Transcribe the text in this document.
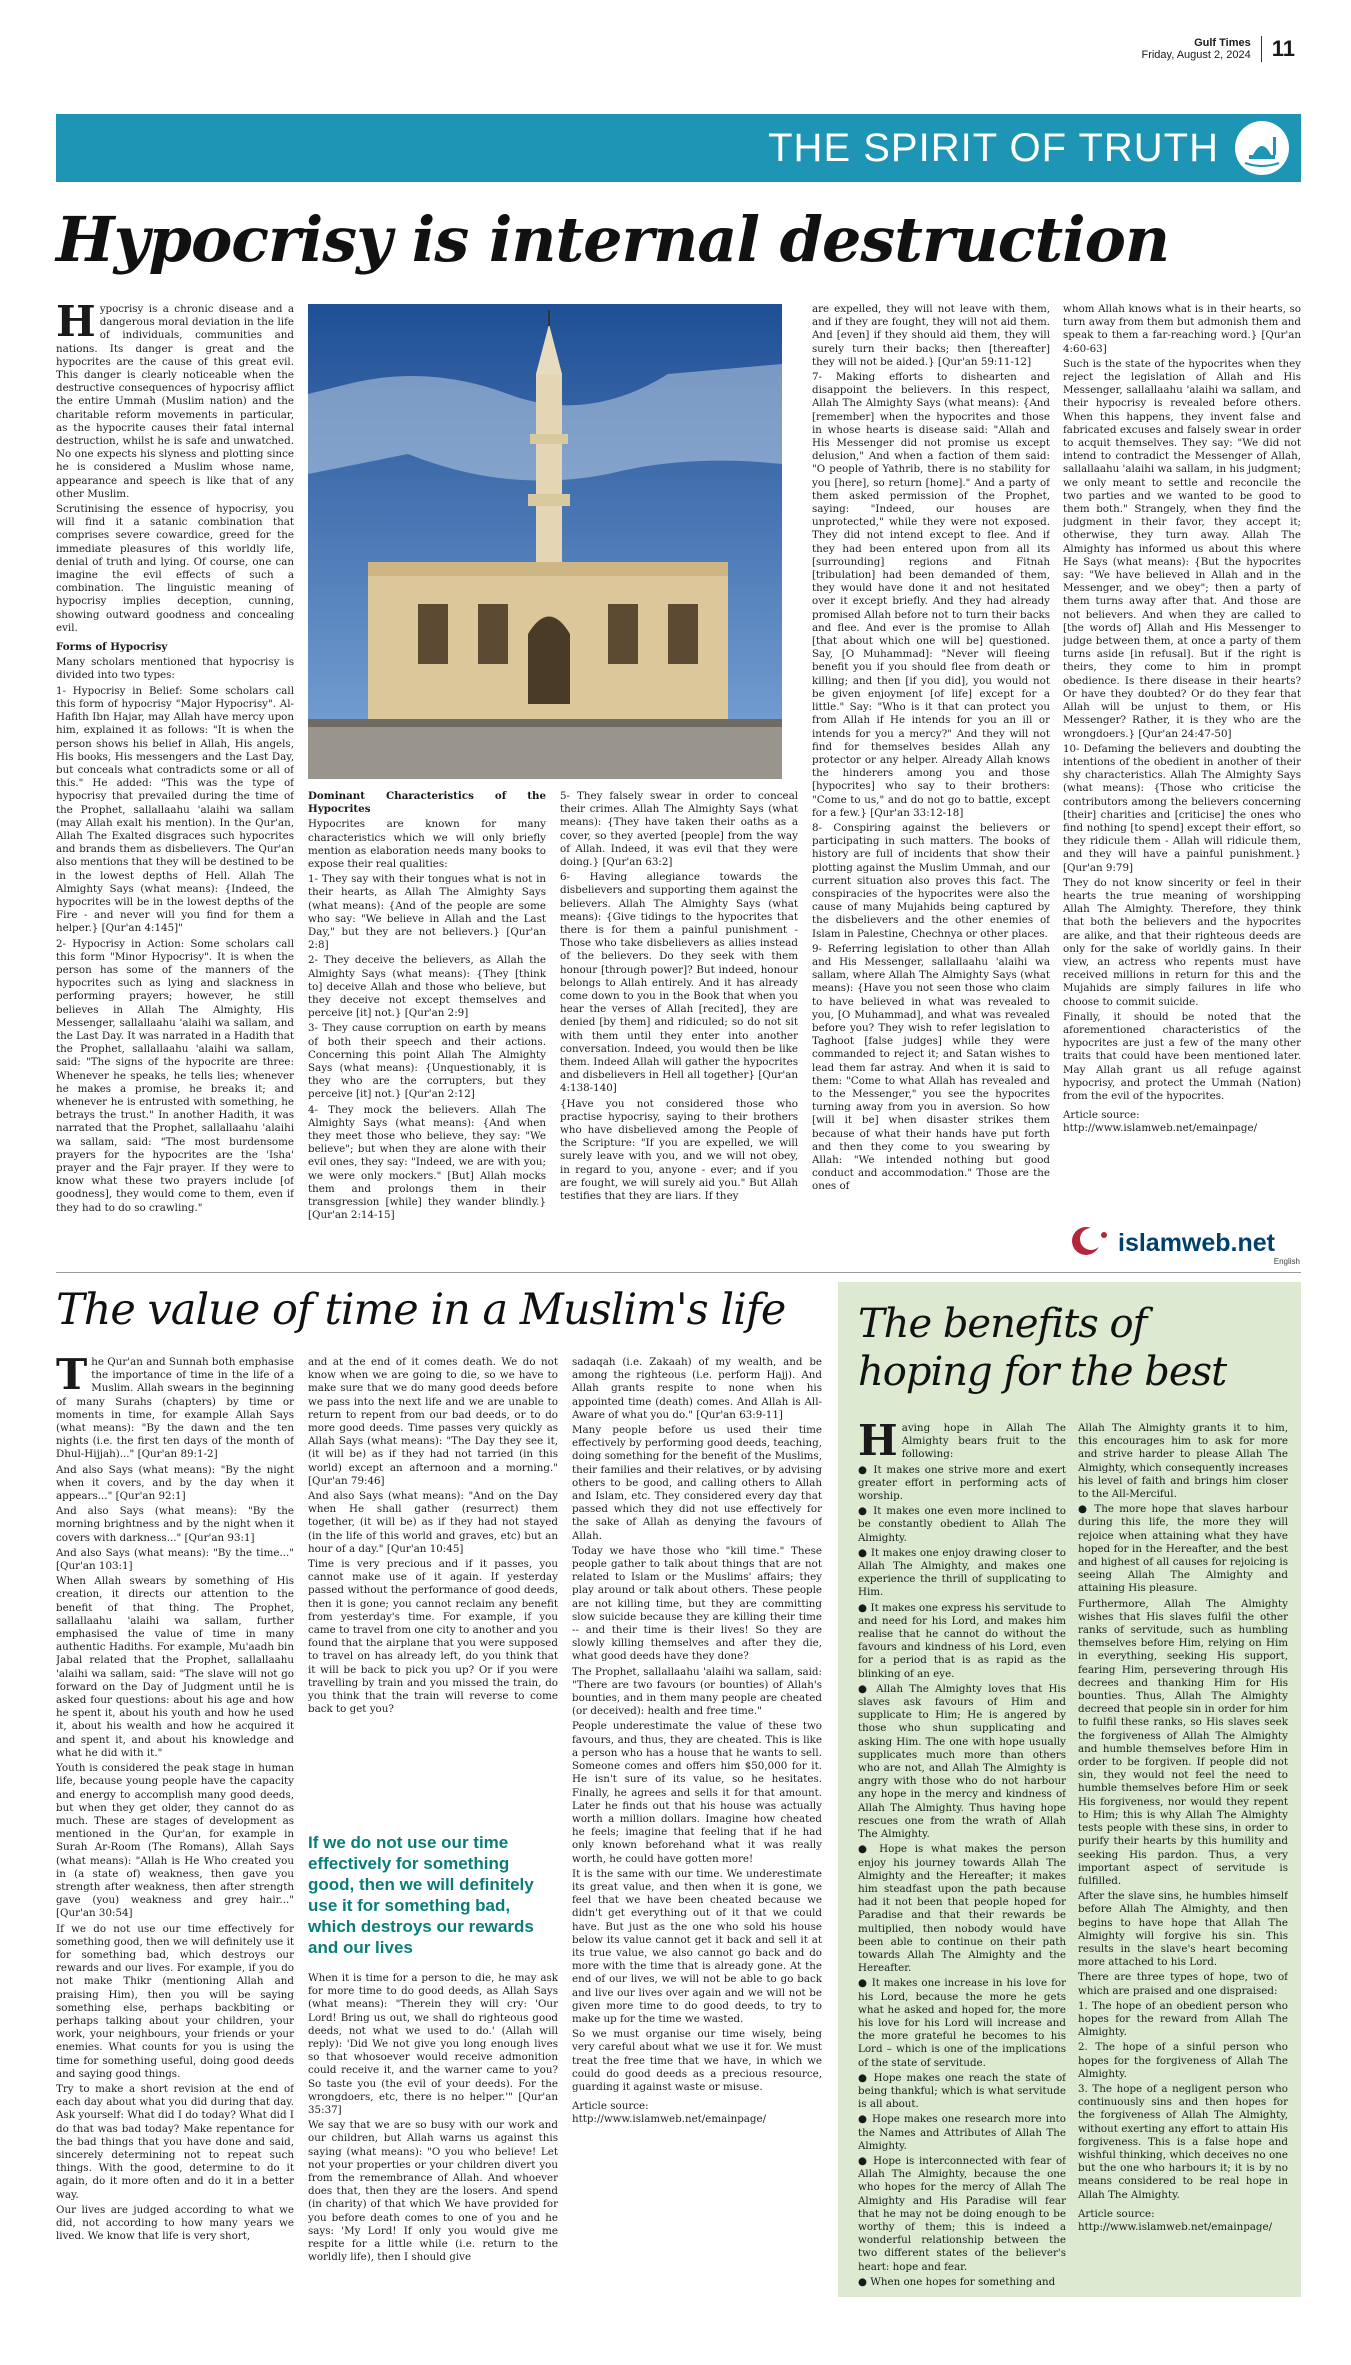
Gulf Times
Friday, August 2, 2024 11
THE SPIRIT OF TRUTH
Hypocrisy is internal destruction
H ypocrisy is a chronic disease and a dangerous moral deviation in the life of individuals, communities and nations. Its danger is great and the hypocrites are the cause of this great evil. This danger is clearly noticeable when the destructive consequences of hypocrisy afflict the entire Ummah (Muslim nation) and the charitable reform movements in particular, as the hypocrite causes their fatal internal destruction, whilst he is safe and unwatched. No one expects his slyness and plotting since he is considered a Muslim whose name, appearance and speech is like that of any other Muslim.

Scrutinising the essence of hypocrisy, you will find it a satanic combination that comprises severe cowardice, greed for the immediate pleasures of this worldly life, denial of truth and lying. Of course, one can imagine the evil effects of such a combination. The linguistic meaning of hypocrisy implies deception, cunning, showing outward goodness and concealing evil.

Forms of Hypocrisy

Many scholars mentioned that hypocrisy is divided into two types:

1- Hypocrisy in Belief: Some scholars call this form of hypocrisy "Major Hypocrisy". Al-Hafith Ibn Hajar, may Allah have mercy upon him, explained it as follows: "It is when the person shows his belief in Allah, His angels, His books, His messengers and the Last Day, but conceals what contradicts some or all of this." He added: "This was the type of hypocrisy that prevailed during the time of the Prophet, sallallaahu 'alaihi wa sallam (may Allah exalt his mention). In the Qur'an, Allah The Exalted disgraces such hypocrites and brands them as disbelievers. The Qur'an also mentions that they will be destined to be in the lowest depths of Hell. Allah The Almighty Says (what means): {Indeed, the hypocrites will be in the lowest depths of the Fire - and never will you find for them a helper.} [Qur'an 4:145]"

2- Hypocrisy in Action: Some scholars call this form "Minor Hypocrisy". It is when the person has some of the manners of the hypocrites such as lying and slackness in performing prayers; however, he still believes in Allah The Almighty, His Messenger, sallallaahu 'alaihi wa sallam, and the Last Day. It was narrated in a Hadith that the Prophet, sallallaahu 'alaihi wa sallam, said: "The signs of the hypocrite are three: Whenever he speaks, he tells lies; whenever he makes a promise, he breaks it; and whenever he is entrusted with something, he betrays the trust." In another Hadith, it was narrated that the Prophet, sallallaahu 'alaihi wa sallam, said: "The most burdensome prayers for the hypocrites are the 'Isha' prayer and the Fajr prayer. If they were to know what these two prayers include [of goodness], they would come to them, even if they had to do so crawling."

Dominant Characteristics of the Hypocrites

Hypocrites are known for many characteristics which we will only briefly mention as elaboration needs many books to expose their real qualities:

1- They say with their tongues what is not in their hearts, as Allah The Almighty Says (what means): {And of the people are some who say: "We believe in Allah and the Last Day," but they are not believers.} [Qur'an 2:8]

2- They deceive the believers, as Allah the Almighty Says (what means): {They [think to] deceive Allah and those who believe, but they deceive not except themselves and perceive [it] not.} [Qur'an 2:9]

3- They cause corruption on earth by means of both their speech and their actions. Concerning this point Allah The Almighty Says (what means): {Unquestionably, it is they who are the corrupters, but they perceive [it] not.} [Qur'an 2:12]

4- They mock the believers. Allah The Almighty Says (what means): {And when they meet those who believe, they say: "We believe"; but when they are alone with their evil ones, they say: "Indeed, we are with you; we were only mockers." [But] Allah mocks them and prolongs them in their transgression [while] they wander blindly.} [Qur'an 2:14-15]

5- They falsely swear in order to conceal their crimes. Allah The Almighty Says (what means): {They have taken their oaths as a cover, so they averted [people] from the way of Allah. Indeed, it was evil that they were doing.} [Qur'an 63:2]

6- Having allegiance towards the disbelievers and supporting them against the believers. Allah The Almighty Says (what means): {Give tidings to the hypocrites that there is for them a painful punishment - Those who take disbelievers as allies instead of the believers. Do they seek with them honour [through power]? But indeed, honour belongs to Allah entirely. And it has already come down to you in the Book that when you hear the verses of Allah [recited], they are denied [by them] and ridiculed; so do not sit with them until they enter into another conversation. Indeed, you would then be like them. Indeed Allah will gather the hypocrites and disbelievers in Hell all together} [Qur'an 4:138-140]

{Have you not considered those who practise hypocrisy, saying to their brothers who have disbelieved among the People of the Scripture: "If you are expelled, we will surely leave with you, and we will not obey, in regard to you, anyone - ever; and if you are fought, we will surely aid you." But Allah testifies that they are liars. If they

are expelled, they will not leave with them, and if they are fought, they will not aid them. And [even] if they should aid them, they will surely turn their backs; then [thereafter] they will not be aided.} [Qur'an 59:11-12]

7- Making efforts to dishearten and disappoint the believers. In this respect, Allah The Almighty Says (what means): {And [remember] when the hypocrites and those in whose hearts is disease said: "Allah and His Messenger did not promise us except delusion," And when a faction of them said: "O people of Yathrib, there is no stability for you [here], so return [home]." And a party of them asked permission of the Prophet, saying: "Indeed, our houses are unprotected," while they were not exposed. They did not intend except to flee. And if they had been entered upon from all its [surrounding] regions and Fitnah [tribulation] had been demanded of them, they would have done it and not hesitated over it except briefly. And they had already promised Allah before not to turn their backs and flee. And ever is the promise to Allah [that about which one will be] questioned. Say, [O Muhammad]: "Never will fleeing benefit you if you should flee from death or killing; and then [if you did], you would not be given enjoyment [of life] except for a little." Say: "Who is it that can protect you from Allah if He intends for you an ill or intends for you a mercy?" And they will not find for themselves besides Allah any protector or any helper. Already Allah knows the hinderers among you and those [hypocrites] who say to their brothers: "Come to us," and do not go to battle, except for a few.} [Qur'an 33:12-18]

8- Conspiring against the believers or participating in such matters. The books of history are full of incidents that show their plotting against the Muslim Ummah, and our current situation also proves this fact. The conspiracies of the hypocrites were also the cause of many Mujahids being captured by the disbelievers and the other enemies of Islam in Palestine, Chechnya or other places.

9- Referring legislation to other than Allah and His Messenger, sallallaahu 'alaihi wa sallam, where Allah The Almighty Says (what means): {Have you not seen those who claim to have believed in what was revealed to you, [O Muhammad], and what was revealed before you? They wish to refer legislation to Taghoot [false judges] while they were commanded to reject it; and Satan wishes to lead them far astray. And when it is said to them: "Come to what Allah has revealed and to the Messenger," you see the hypocrites turning away from you in aversion. So how [will it be] when disaster strikes them because of what their hands have put forth and then they come to you swearing by Allah: "We intended nothing but good conduct and accommodation." Those are the ones of

whom Allah knows what is in their hearts, so turn away from them but admonish them and speak to them a far-reaching word.} [Qur'an 4:60-63]

Such is the state of the hypocrites when they reject the legislation of Allah and His Messenger, sallallaahu 'alaihi wa sallam, and their hypocrisy is revealed before others. When this happens, they invent false and fabricated excuses and falsely swear in order to acquit themselves. They say: "We did not intend to contradict the Messenger of Allah, sallallaahu 'alaihi wa sallam, in his judgment; we only meant to settle and reconcile the two parties and we wanted to be good to them both." Strangely, when they find the judgment in their favor, they accept it; otherwise, they turn away. Allah The Almighty has informed us about this where He Says (what means): {But the hypocrites say: "We have believed in Allah and in the Messenger, and we obey"; then a party of them turns away after that. And those are not believers. And when they are called to [the words of] Allah and His Messenger to judge between them, at once a party of them turns aside [in refusal]. But if the right is theirs, they come to him in prompt obedience. Is there disease in their hearts? Or have they doubted? Or do they fear that Allah will be unjust to them, or His Messenger? Rather, it is they who are the wrongdoers.} [Qur'an 24:47-50]

10- Defaming the believers and doubting the intentions of the obedient in another of their shy characteristics. Allah The Almighty Says (what means): {Those who criticise the contributors among the believers concerning [their] charities and [criticise] the ones who find nothing [to spend] except their effort, so they ridicule them - Allah will ridicule them, and they will have a painful punishment.} [Qur'an 9:79]

They do not know sincerity or feel in their hearts the true meaning of worshipping Allah The Almighty. Therefore, they think that both the believers and the hypocrites are alike, and that their righteous deeds are only for the sake of worldly gains. In their view, an actress who repents must have received millions in return for this and the Mujahids are simply failures in life who choose to commit suicide.

Finally, it should be noted that the aforementioned characteristics of the hypocrites are just a few of the many other traits that could have been mentioned later. May Allah grant us all refuge against hypocrisy, and protect the Ummah (Nation) from the evil of the hypocrites.

Article source: http://www.islamweb.net/emainpage/

islamweb.net
English
The value of time in a Muslim's life
T he Qur'an and Sunnah both emphasise the importance of time in the life of a Muslim. Allah swears in the beginning of many Surahs (chapters) by time or moments in time, for example Allah Says (what means): "By the dawn and the ten nights (i.e. the first ten days of the month of Dhul-Hijjah)..." [Qur'an 89:1-2]

And also Says (what means): "By the night when it covers, and by the day when it appears..." [Qur'an 92:1]

And also Says (what means): "By the morning brightness and by the night when it covers with darkness..." [Qur'an 93:1]

And also Says (what means): "By the time..." [Qur'an 103:1]

When Allah swears by something of His creation, it directs our attention to the benefit of that thing. The Prophet, sallallaahu 'alaihi wa sallam, further emphasised the value of time in many authentic Hadiths. For example, Mu'aadh bin Jabal related that the Prophet, sallallaahu 'alaihi wa sallam, said: "The slave will not go forward on the Day of Judgment until he is asked four questions: about his age and how he spent it, about his youth and how he used it, about his wealth and how he acquired it and spent it, and about his knowledge and what he did with it."

Youth is considered the peak stage in human life, because young people have the capacity and energy to accomplish many good deeds, but when they get older, they cannot do as much. These are stages of development as mentioned in the Qur'an, for example in Surah Ar-Room (The Romans), Allah Says (what means): "Allah is He Who created you in (a state of) weakness, then gave you strength after weakness, then after strength gave (you) weakness and grey hair..." [Qur'an 30:54]

If we do not use our time effectively for something good, then we will definitely use it for something bad, which destroys our rewards and our lives. For example, if you do not make Thikr (mentioning Allah and praising Him), then you will be saying something else, perhaps backbiting or perhaps talking about your children, your work, your neighbours, your friends or your enemies. What counts for you is using the time for something useful, doing good deeds and saying good things.

Try to make a short revision at the end of each day about what you did during that day. Ask yourself: What did I do today? What did I do that was bad today? Make repentance for the bad things that you have done and said, sincerely determining not to repeat such things. With the good, determine to do it again, do it more often and do it in a better way.

Our lives are judged according to what we did, not according to how many years we lived. We know that life is very short,

and at the end of it comes death. We do not know when we are going to die, so we have to make sure that we do many good deeds before we pass into the next life and we are unable to return to repent from our bad deeds, or to do more good deeds. Time passes very quickly as Allah Says (what means): "The Day they see it, (it will be) as if they had not tarried (in this world) except an afternoon and a morning." [Qur'an 79:46]

And also Says (what means): "And on the Day when He shall gather (resurrect) them together, (it will be) as if they had not stayed (in the life of this world and graves, etc) but an hour of a day." [Qur'an 10:45]

Time is very precious and if it passes, you cannot make use of it again. If yesterday passed without the performance of good deeds, then it is gone; you cannot reclaim any benefit from yesterday's time. For example, if you came to travel from one city to another and you found that the airplane that you were supposed to travel on has already left, do you think that it will be back to pick you up? Or if you were travelling by train and you missed the train, do you think that the train will reverse to come back to get you?

If we do not use our time effectively for something good, then we will definitely use it for something bad, which destroys our rewards and our lives

When it is time for a person to die, he may ask for more time to do good deeds, as Allah Says (what means): "Therein they will cry: 'Our Lord! Bring us out, we shall do righteous good deeds, not what we used to do.' (Allah will reply): 'Did We not give you long enough lives so that whosoever would receive admonition could receive it, and the warner came to you? So taste you (the evil of your deeds). For the wrongdoers, etc, there is no helper.'" [Qur'an 35:37]

We say that we are so busy with our work and our children, but Allah warns us against this saying (what means): "O you who believe! Let not your properties or your children divert you from the remembrance of Allah. And whoever does that, then they are the losers. And spend (in charity) of that which We have provided for you before death comes to one of you and he says: 'My Lord! If only you would give me respite for a little while (i.e. return to the worldly life), then I should give

sadaqah (i.e. Zakaah) of my wealth, and be among the righteous (i.e. perform Hajj). And Allah grants respite to none when his appointed time (death) comes. And Allah is All-Aware of what you do." [Qur'an 63:9-11]

Many people before us used their time effectively by performing good deeds, teaching, doing something for the benefit of the Muslims, their families and their relatives, or by advising others to be good, and calling others to Allah and Islam, etc. They considered every day that passed which they did not use effectively for the sake of Allah as denying the favours of Allah.

Today we have those who "kill time." These people gather to talk about things that are not related to Islam or the Muslims' affairs; they play around or talk about others. These people are not killing time, but they are committing slow suicide because they are killing their time -- and their time is their lives! So they are slowly killing themselves and after they die, what good deeds have they done?

The Prophet, sallallaahu 'alaihi wa sallam, said: "There are two favours (or bounties) of Allah's bounties, and in them many people are cheated (or deceived): health and free time."

People underestimate the value of these two favours, and thus, they are cheated. This is like a person who has a house that he wants to sell. Someone comes and offers him $50,000 for it. He isn't sure of its value, so he hesitates. Finally, he agrees and sells it for that amount. Later he finds out that his house was actually worth a million dollars. Imagine how cheated he feels; imagine that feeling that if he had only known beforehand what it was really worth, he could have gotten more!

It is the same with our time. We underestimate its great value, and then when it is gone, we feel that we have been cheated because we didn't get everything out of it that we could have. But just as the one who sold his house below its value cannot get it back and sell it at its true value, we also cannot go back and do more with the time that is already gone. At the end of our lives, we will not be able to go back and live our lives over again and we will not be given more time to do good deeds, to try to make up for the time we wasted.

So we must organise our time wisely, being very careful about what we use it for. We must treat the free time that we have, in which we could do good deeds as a precious resource, guarding it against waste or misuse.

Article source: http://www.islamweb.net/emainpage/

The benefits of
hoping for the best
H aving hope in Allah The Almighty bears fruit to the following:

● It makes one strive more and exert greater effort in performing acts of worship.

● It makes one even more inclined to be constantly obedient to Allah The Almighty.

● It makes one enjoy drawing closer to Allah The Almighty, and makes one experience the thrill of supplicating to Him.

● It makes one express his servitude to and need for his Lord, and makes him realise that he cannot do without the favours and kindness of his Lord, even for a period that is as rapid as the blinking of an eye.

● Allah The Almighty loves that His slaves ask favours of Him and supplicate to Him; He is angered by those who shun supplicating and asking Him. The one with hope usually supplicates much more than others who are not, and Allah The Almighty is angry with those who do not harbour any hope in the mercy and kindness of Allah The Almighty. Thus having hope rescues one from the wrath of Allah The Almighty.

● Hope is what makes the person enjoy his journey towards Allah The Almighty and the Hereafter; it makes him steadfast upon the path because had it not been that people hoped for Paradise and that their rewards be multiplied, then nobody would have been able to continue on their path towards Allah The Almighty and the Hereafter.

● It makes one increase in his love for his Lord, because the more he gets what he asked and hoped for, the more his love for his Lord will increase and the more grateful he becomes to his Lord – which is one of the implications of the state of servitude.

● Hope makes one reach the state of being thankful; which is what servitude is all about.

● Hope makes one research more into the Names and Attributes of Allah The Almighty.

● Hope is interconnected with fear of Allah The Almighty, because the one who hopes for the mercy of Allah The Almighty and His Paradise will fear that he may not be doing enough to be worthy of them; this is indeed a wonderful relationship between the two different states of the believer's heart: hope and fear.

● When one hopes for something and

Allah The Almighty grants it to him, this encourages him to ask for more and strive harder to please Allah The Almighty, which consequently increases his level of faith and brings him closer to the All-Merciful.

● The more hope that slaves harbour during this life, the more they will rejoice when attaining what they have hoped for in the Hereafter, and the best and highest of all causes for rejoicing is seeing Allah The Almighty and attaining His pleasure.

Furthermore, Allah The Almighty wishes that His slaves fulfil the other ranks of servitude, such as humbling themselves before Him, relying on Him in everything, seeking His support, fearing Him, persevering through His decrees and thanking Him for His bounties. Thus, Allah The Almighty decreed that people sin in order for him to fulfil these ranks, so His slaves seek the forgiveness of Allah The Almighty and humble themselves before Him in order to be forgiven. If people did not sin, they would not feel the need to humble themselves before Him or seek His forgiveness, nor would they repent to Him; this is why Allah The Almighty tests people with these sins, in order to purify their hearts by this humility and seeking His pardon. Thus, a very important aspect of servitude is fulfilled.

After the slave sins, he humbles himself before Allah The Almighty, and then begins to have hope that Allah The Almighty will forgive his sin. This results in the slave's heart becoming more attached to his Lord.

There are three types of hope, two of which are praised and one dispraised:

1. The hope of an obedient person who hopes for the reward from Allah The Almighty.

2. The hope of a sinful person who hopes for the forgiveness of Allah The Almighty.

3. The hope of a negligent person who continuously sins and then hopes for the forgiveness of Allah The Almighty, without exerting any effort to attain His forgiveness. This is a false hope and wishful thinking, which deceives no one but the one who harbours it; it is by no means considered to be real hope in Allah The Almighty.

Article source: http://www.islamweb.net/emainpage/
